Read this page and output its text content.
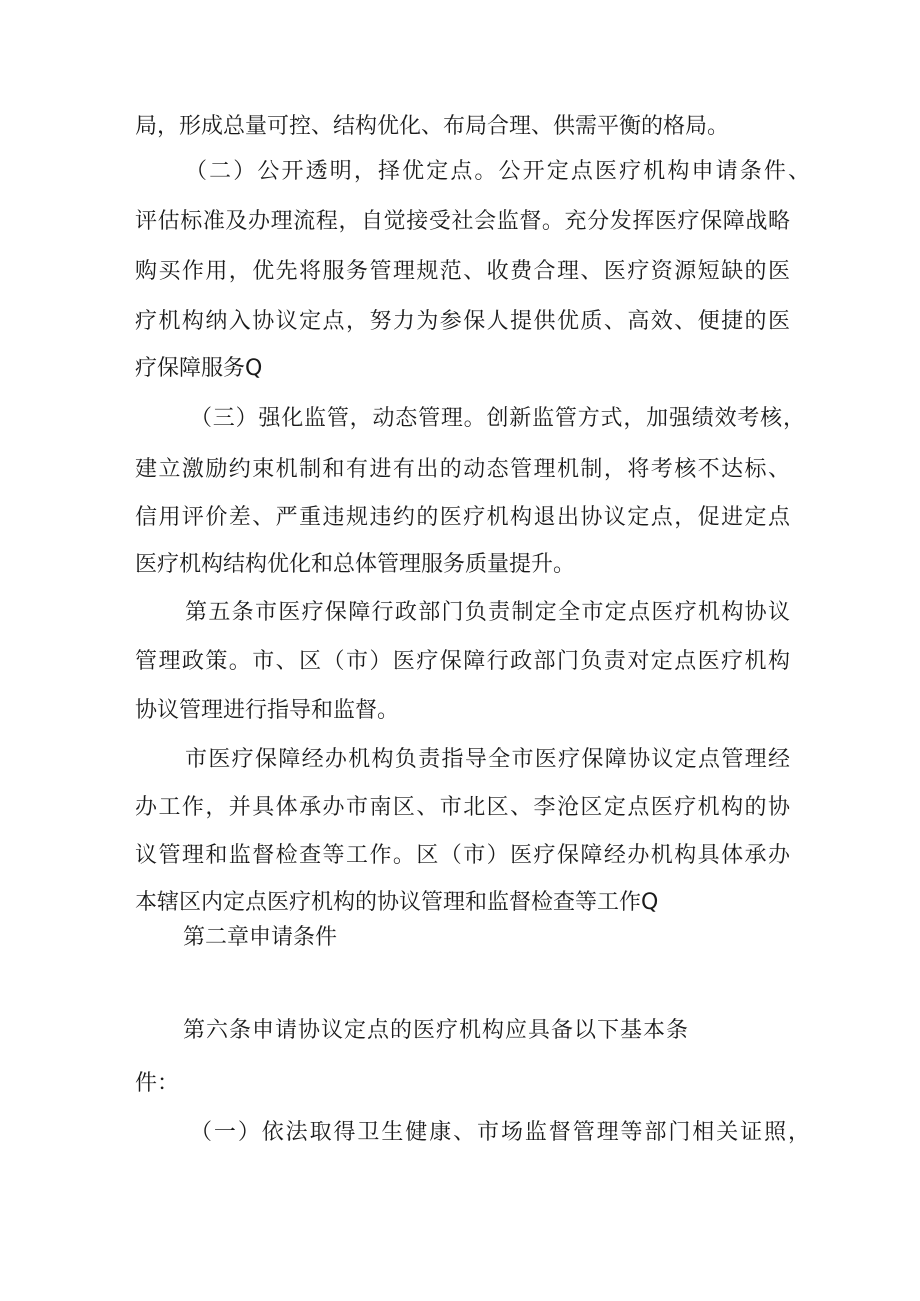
局，形成总量可控、结构优化、布局合理、供需平衡的格局。
（二）公开透明，择优定点。公开定点医疗机构申请条件、
评估标准及办理流程，自觉接受社会监督。充分发挥医疗保障战略
购买作用，优先将服务管理规范、收费合理、医疗资源短缺的医
疗机构纳入协议定点，努力为参保人提供优质、高效、便捷的医
疗保障服务Q
（三）强化监管，动态管理。创新监管方式，加强绩效考核，
建立激励约束机制和有进有出的动态管理机制，将考核不达标、
信用评价差、严重违规违约的医疗机构退出协议定点，促进定点
医疗机构结构优化和总体管理服务质量提升。
第五条市医疗保障行政部门负责制定全市定点医疗机构协议
管理政策。市、区（市）医疗保障行政部门负责对定点医疗机构
协议管理进行指导和监督。
市医疗保障经办机构负责指导全市医疗保障协议定点管理经
办工作，并具体承办市南区、市北区、李沧区定点医疗机构的协
议管理和监督检查等工作。区（市）医疗保障经办机构具体承办
本辖区内定点医疗机构的协议管理和监督检查等工作Q
第二章申请条件
第六条申请协议定点的医疗机构应具备以下基本条
件：
（一）依法取得卫生健康、市场监督管理等部门相关证照，
